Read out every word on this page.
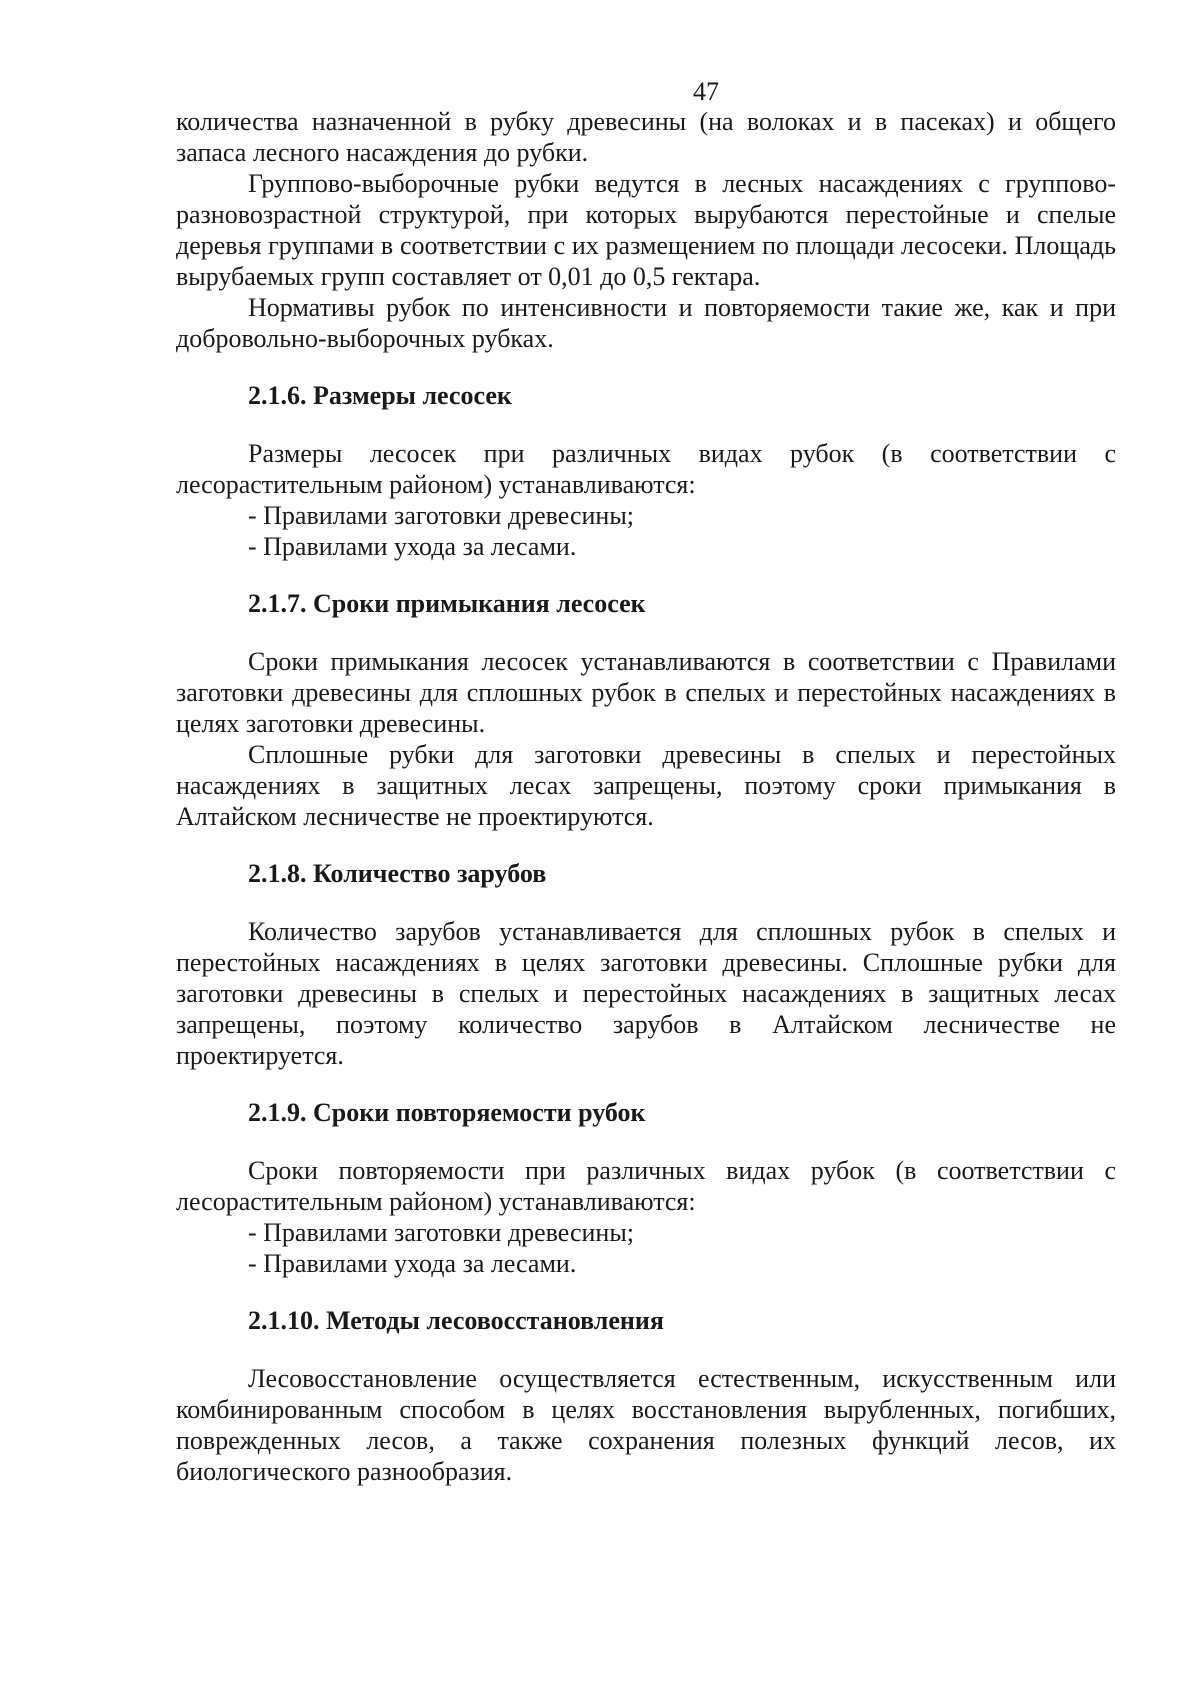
47

количества назначенной в рубку древесины (на волоках и в пасеках) и общего запаса лесного насаждения до рубки.

Группово-выборочные рубки ведутся в лесных насаждениях с группово-разновозрастной структурой, при которых вырубаются перестойные и спелые деревья группами в соответствии с их размещением по площади лесосеки. Площадь вырубаемых групп составляет от 0,01 до 0,5 гектара.

Нормативы рубок по интенсивности и повторяемости такие же, как и при добровольно-выборочных рубках.

2.1.6. Размеры лесосек

Размеры лесосек при различных видах рубок (в соответствии с лесорастительным районом) устанавливаются:

- Правилами заготовки древесины;

- Правилами ухода за лесами.

2.1.7. Сроки примыкания лесосек

Сроки примыкания лесосек устанавливаются в соответствии с Правилами заготовки древесины для сплошных рубок в спелых и перестойных насаждениях в целях заготовки древесины.

Сплошные рубки для заготовки древесины в спелых и перестойных насаждениях в защитных лесах запрещены, поэтому сроки примыкания в Алтайском лесничестве не проектируются.

2.1.8. Количество зарубов

Количество зарубов устанавливается для сплошных рубок в спелых и перестойных насаждениях в целях заготовки древесины. Сплошные рубки для заготовки древесины в спелых и перестойных насаждениях в защитных лесах запрещены, поэтому количество зарубов в Алтайском лесничестве не проектируется.

2.1.9. Сроки повторяемости рубок

Сроки повторяемости при различных видах рубок (в соответствии с лесорастительным районом) устанавливаются:

- Правилами заготовки древесины;

- Правилами ухода за лесами.

2.1.10. Методы лесовосстановления

Лесовосстановление осуществляется естественным, искусственным или комбинированным способом в целях восстановления вырубленных, погибших, поврежденных лесов, а также сохранения полезных функций лесов, их биологического разнообразия.
